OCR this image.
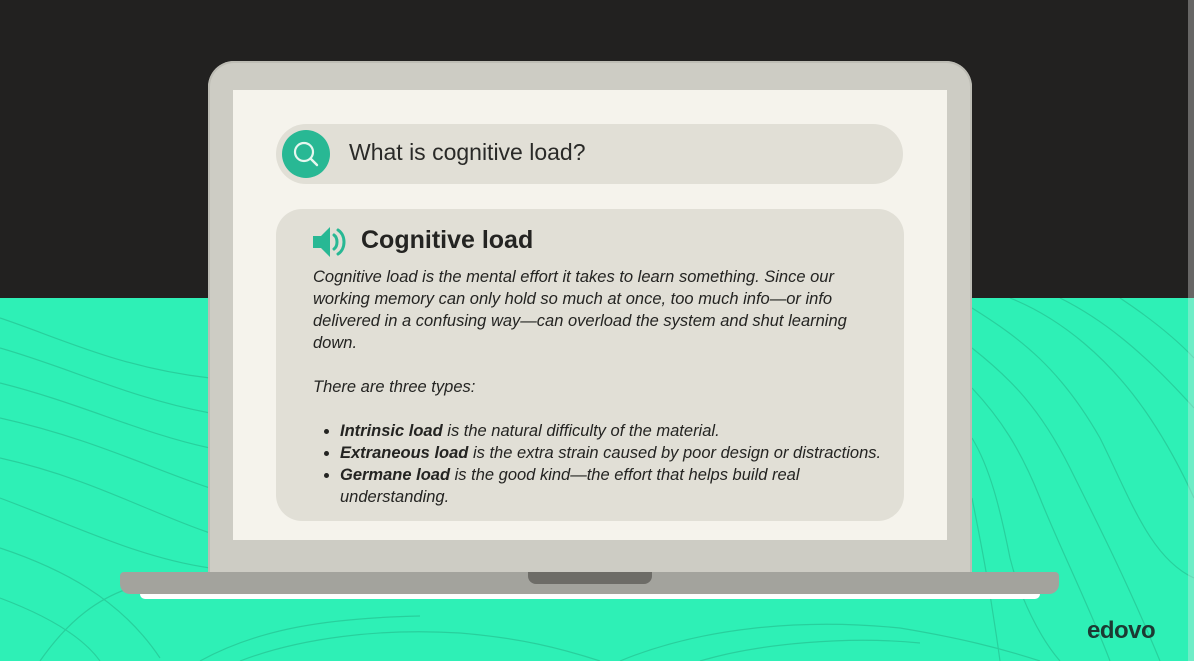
What is cognitive load?
Cognitive load

Cognitive load is the mental effort it takes to learn something. Since our working memory can only hold so much at once, too much info—or info delivered in a confusing way—can overload the system and shut learning down.

There are three types:

• Intrinsic load is the natural difficulty of the material.
• Extraneous load is the extra strain caused by poor design or distractions.
• Germane load is the good kind—the effort that helps build real understanding.
edovo
